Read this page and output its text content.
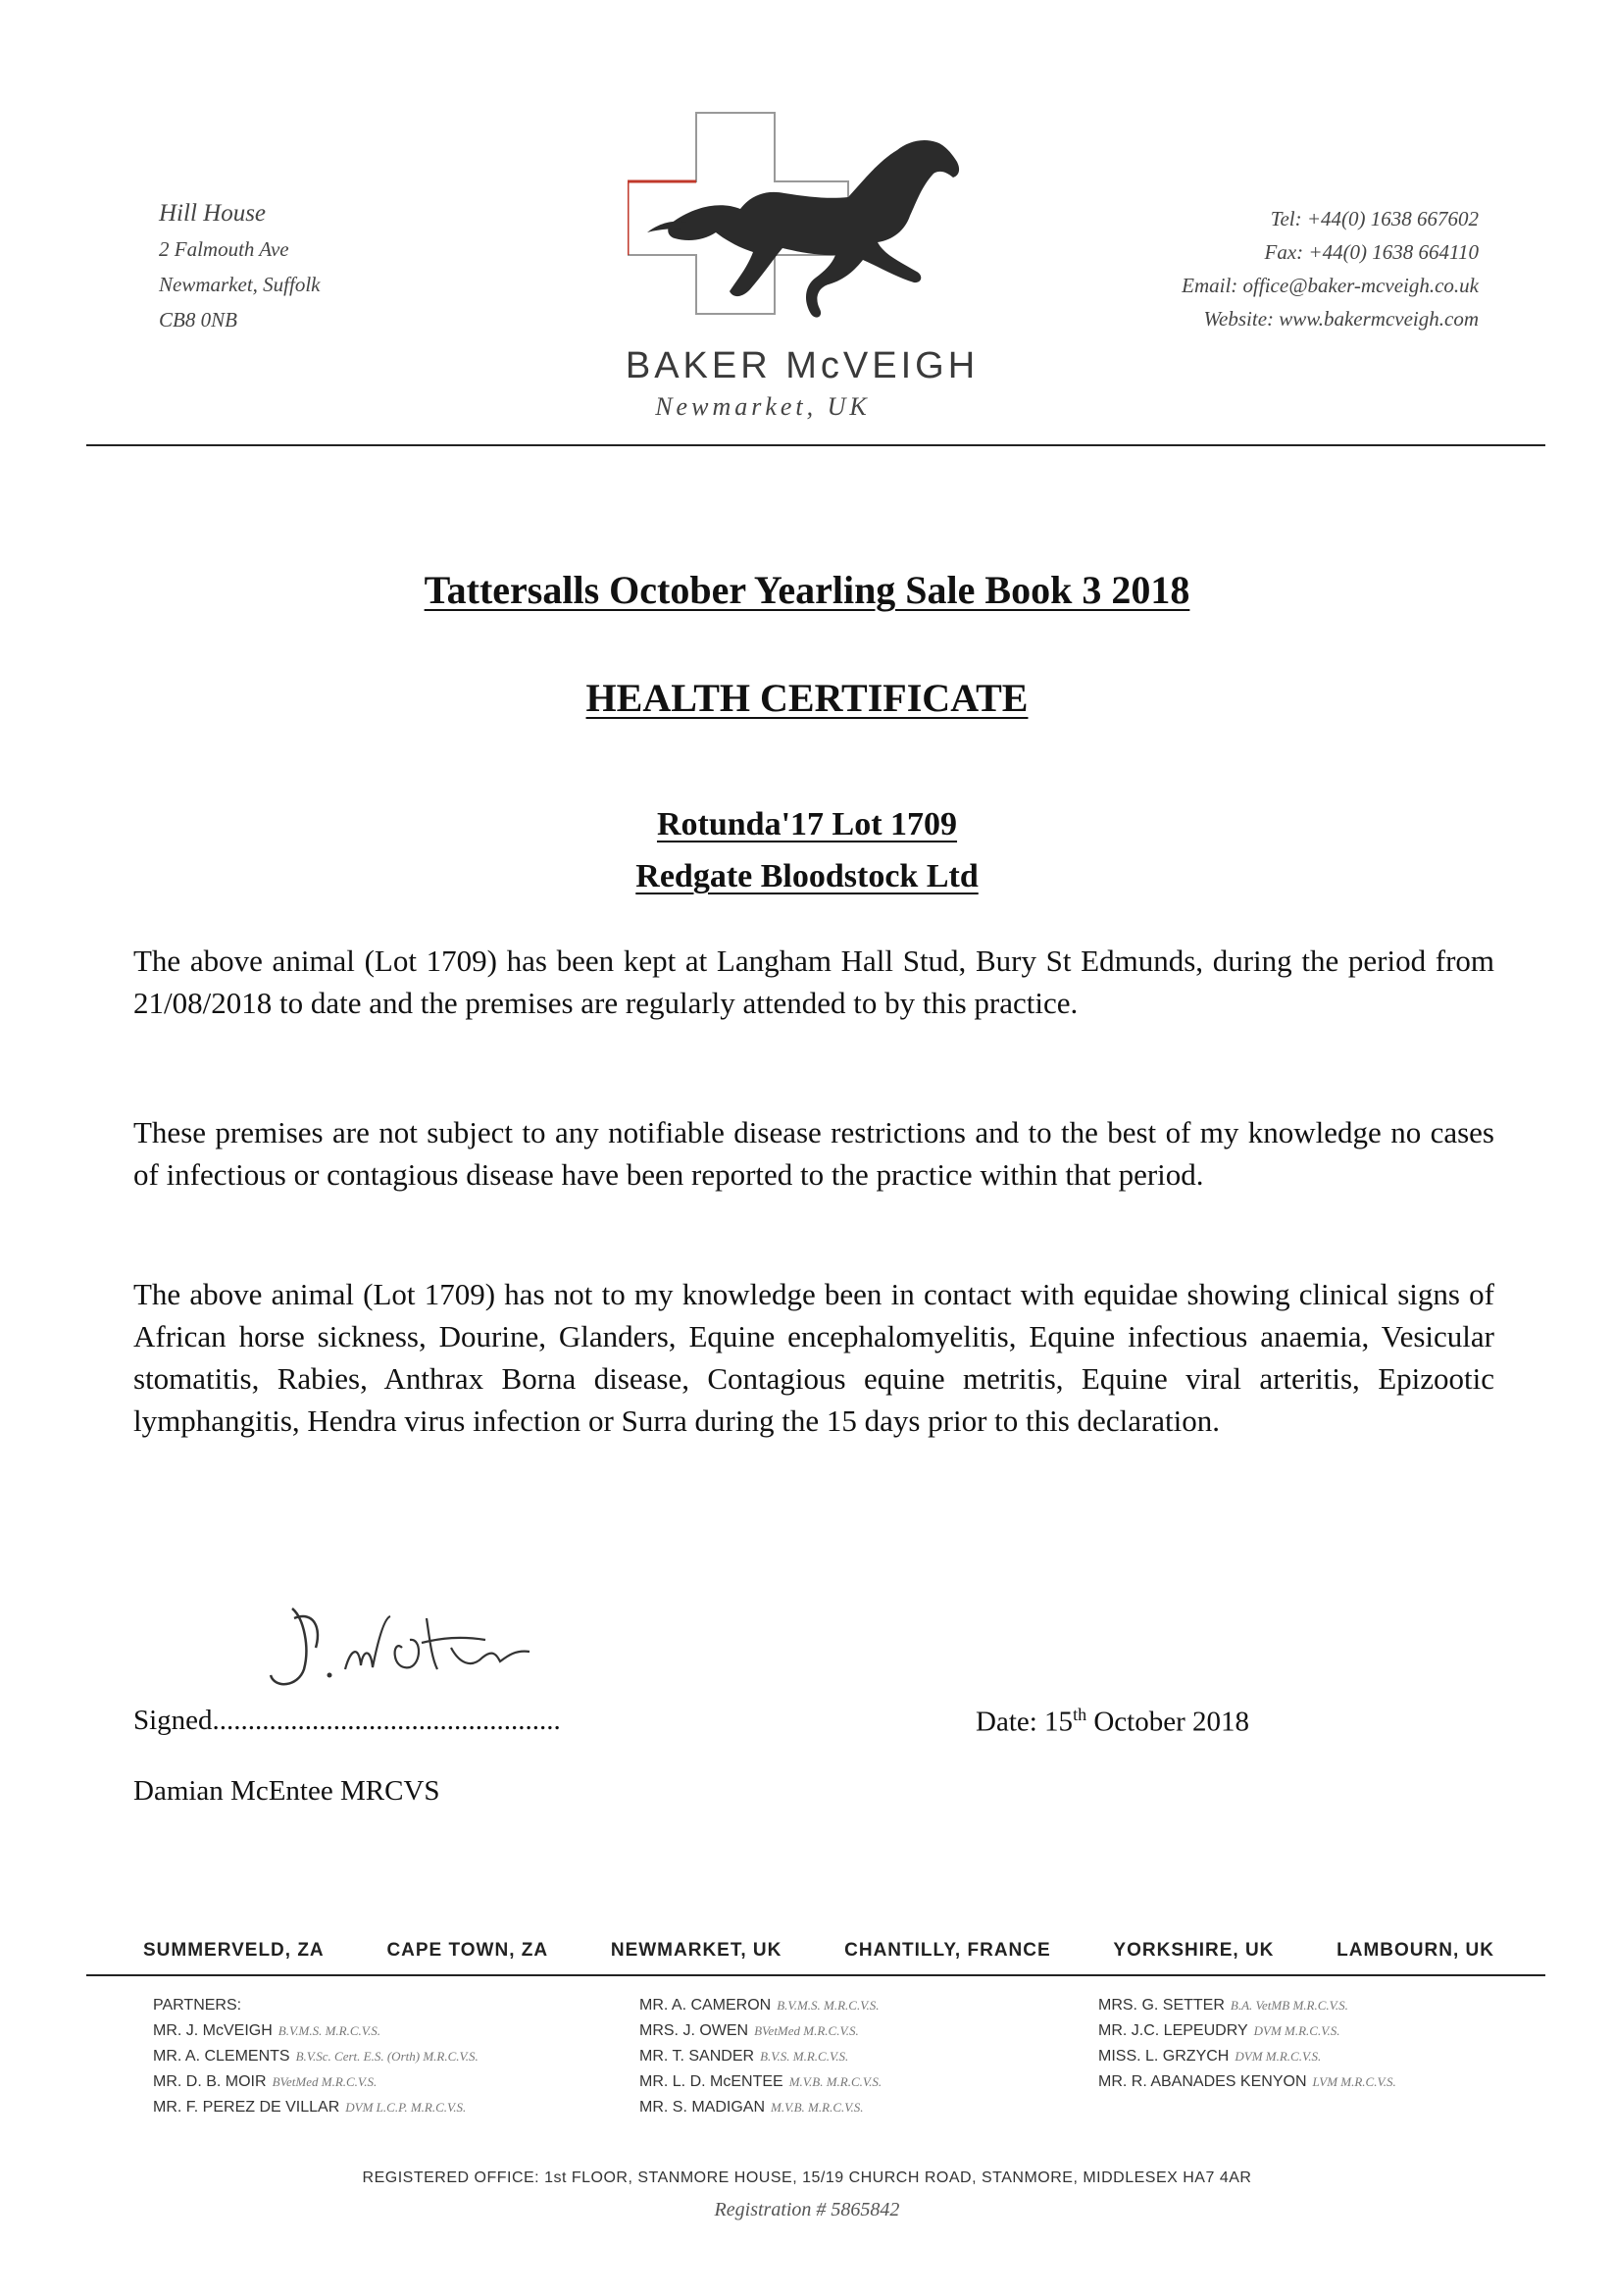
Hill House
2 Falmouth Ave
Newmarket, Suffolk
CB8 0NB
BAKER McVEIGH
Newmarket, UK
Tel: +44(0) 1638 667602
Fax: +44(0) 1638 664110
Email: office@baker-mcveigh.co.uk
Website: www.bakermcveigh.com
Tattersalls October Yearling Sale Book 3 2018
HEALTH CERTIFICATE
Rotunda'17 Lot 1709
Redgate Bloodstock Ltd
The above animal (Lot 1709) has been kept at Langham Hall Stud, Bury St Edmunds, during the period from 21/08/2018 to date and the premises are regularly attended to by this practice.
These premises are not subject to any notifiable disease restrictions and to the best of my knowledge no cases of infectious or contagious disease have been reported to the practice within that period.
The above animal (Lot 1709) has not to my knowledge been in contact with equidae showing clinical signs of African horse sickness, Dourine, Glanders, Equine encephalomyelitis, Equine infectious anaemia, Vesicular stomatitis, Rabies, Anthrax Borna disease, Contagious equine metritis, Equine viral arteritis, Epizootic lymphangitis, Hendra virus infection or Surra during the 15 days prior to this declaration.
Signed.................................................	Date: 15th October 2018
Damian McEntee MRCVS
SUMMERVELD, ZA	CAPE TOWN, ZA	NEWMARKET, UK	CHANTILLY, FRANCE	YORKSHIRE, UK	LAMBOURN, UK
PARTNERS:
MR. J. McVEIGH B.V.M.S. M.R.C.V.S.
MR. A. CLEMENTS B.V.Sc. Cert. E.S. (Orth) M.R.C.V.S.
MR. D. B. MOIR BVetMed M.R.C.V.S.
MR. F. PEREZ DE VILLAR DVM L.C.P. M.R.C.V.S.
MR. A. CAMERON B.V.M.S. M.R.C.V.S.
MRS. J. OWEN BVetMed M.R.C.V.S.
MR. T. SANDER B.V.S. M.R.C.V.S.
MR. L. D. McENTEE M.V.B. M.R.C.V.S.
MR. S. MADIGAN M.V.B. M.R.C.V.S.
MRS. G. SETTER B.A. VetMB M.R.C.V.S.
MR. J.C. LEPEUDRY DVM M.R.C.V.S.
MISS. L. GRZYCH DVM M.R.C.V.S.
MR. R. ABANADES KENYON LVM M.R.C.V.S.
REGISTERED OFFICE: 1st FLOOR, STANMORE HOUSE, 15/19 CHURCH ROAD, STANMORE, MIDDLESEX HA7 4AR
Registration # 5865842
